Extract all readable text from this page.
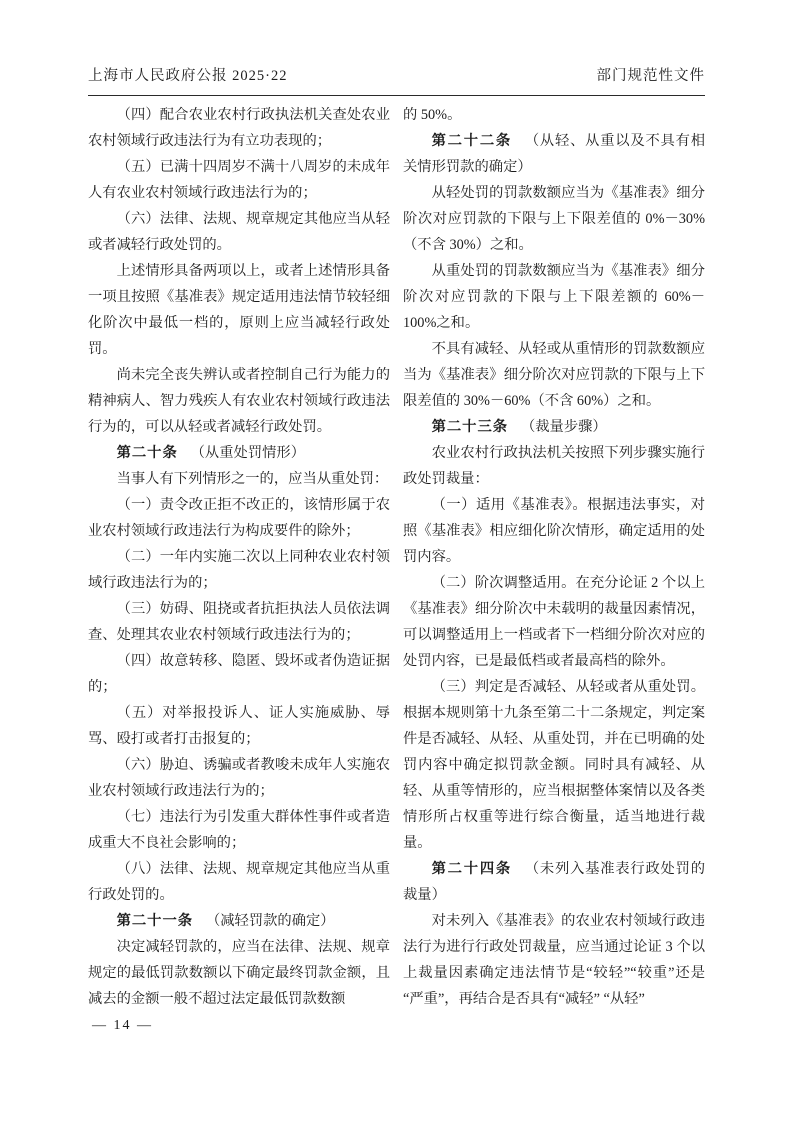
上海市人民政府公报 2025·22	部门规范性文件

（四）配合农业农村行政执法机关查处农业农村领域行政违法行为有立功表现的；

（五）已满十四周岁不满十八周岁的未成年人有农业农村领域行政违法行为的；

（六）法律、法规、规章规定其他应当从轻或者减轻行政处罚的。

上述情形具备两项以上，或者上述情形具备一项且按照《基准表》规定适用违法情节较轻细化阶次中最低一档的，原则上应当减轻行政处罚。

尚未完全丧失辨认或者控制自己行为能力的精神病人、智力残疾人有农业农村领域行政违法行为的，可以从轻或者减轻行政处罚。

第二十条 （从重处罚情形）

当事人有下列情形之一的，应当从重处罚：

（一）责令改正拒不改正的，该情形属于农业农村领域行政违法行为构成要件的除外；

（二）一年内实施二次以上同种农业农村领域行政违法行为的；

（三）妨碍、阻挠或者抗拒执法人员依法调查、处理其农业农村领域行政违法行为的；

（四）故意转移、隐匿、毁坏或者伪造证据的；

（五）对举报投诉人、证人实施威胁、辱骂、殴打或者打击报复的；

（六）胁迫、诱骗或者教唆未成年人实施农业农村领域行政违法行为的；

（七）违法行为引发重大群体性事件或者造成重大不良社会影响的；

（八）法律、法规、规章规定其他应当从重行政处罚的。

第二十一条 （减轻罚款的确定）

决定减轻罚款的，应当在法律、法规、规章规定的最低罚款数额以下确定最终罚款金额，且减去的金额一般不超过法定最低罚款数额

的 50%。

第二十二条 （从轻、从重以及不具有相关情形罚款的确定）

从轻处罚的罚款数额应当为《基准表》细分阶次对应罚款的下限与上下限差值的 0%－30%（不含 30%）之和。

从重处罚的罚款数额应当为《基准表》细分阶次对应罚款的下限与上下限差额的 60%－100%之和。

不具有减轻、从轻或从重情形的罚款数额应当为《基准表》细分阶次对应罚款的下限与上下限差值的 30%－60%（不含 60%）之和。

第二十三条 （裁量步骤）

农业农村行政执法机关按照下列步骤实施行政处罚裁量：

（一）适用《基准表》。根据违法事实，对照《基准表》相应细化阶次情形，确定适用的处罚内容。

（二）阶次调整适用。在充分论证 2 个以上《基准表》细分阶次中未载明的裁量因素情况，可以调整适用上一档或者下一档细分阶次对应的处罚内容，已是最低档或者最高档的除外。

（三）判定是否减轻、从轻或者从重处罚。根据本规则第十九条至第二十二条规定，判定案件是否减轻、从轻、从重处罚，并在已明确的处罚内容中确定拟罚款金额。同时具有减轻、从轻、从重等情形的，应当根据整体案情以及各类情形所占权重等进行综合衡量，适当地进行裁量。

第二十四条 （未列入基准表行政处罚的裁量）

对未列入《基准表》的农业农村领域行政违法行为进行行政处罚裁量，应当通过论证 3 个以上裁量因素确定违法情节是“较轻”“较重”还是“严重”，再结合是否具有“减轻” “从轻”

— 14 —
